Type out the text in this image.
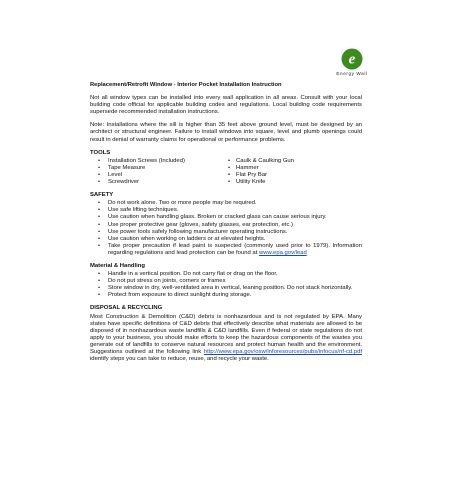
e
Energy Wall
Replacement/Retrofit Window - Interior Pocket Installation Instruction

Not all window types can be installed into every wall application in all areas. Consult with your local building code official for applicable building codes and regulations. Local building code requirements supersede recommended installation instructions.

Note: Installations where the sill is higher than 35 feet above ground level, must be designed by an architect or structural engineer. Failure to install windows into square, level and plumb openings could result in denial of warranty claims for operational or performance problems.

TOOLS
• Installation Screws (Included)
• Tape Measure
• Level
• Screwdriver
• Caulk & Caulking Gun
• Hammer
• Flat Pry Bar
• Utility Knife
SAFETY
• Do not work alone. Two or more people may be required.
• Use safe lifting techniques.
• Use caution when handling glass. Broken or cracked glass can cause serious injury.
• Use proper protective gear (gloves, safety glasses, ear protection, etc.)
• Use power tools safely following manufacturer operating instructions.
• Use caution when working on ladders or at elevated heights.
• Take proper precaution if lead paint is suspected (commonly used prior to 1979). Information regarding regulations and lead protection can be found at www.epa.gov/lead
Material & Handling
• Handle in a vertical position. Do not carry flat or drag on the floor.
• Do not put stress on joints, corners or frames
• Store window in dry, well-ventilated area in vertical, leaning position. Do not stack horizontally.
• Protect from exposure to direct sunlight during storage.
DISPOSAL & RECYCLING

Most Construction & Demolition (C&D) debris is nonhazardous and is not regulated by EPA. Many states have specific definitions of C&D debris that effectively describe what materials are allowed to be disposed of in nonhazardous waste landfills & C&D landfills. Even if federal or state regulations do not apply to your business, you should make efforts to keep the hazardous components of the wastes you generate out of landfills to conserve natural resources and protect human health and the environment. Suggestions outlined at the following link http://www.epa.gov/osw/inforesources/pubs/infocus/rif-cd.pdf identify steps you can take to reduce, reuse, and recycle your waste.
